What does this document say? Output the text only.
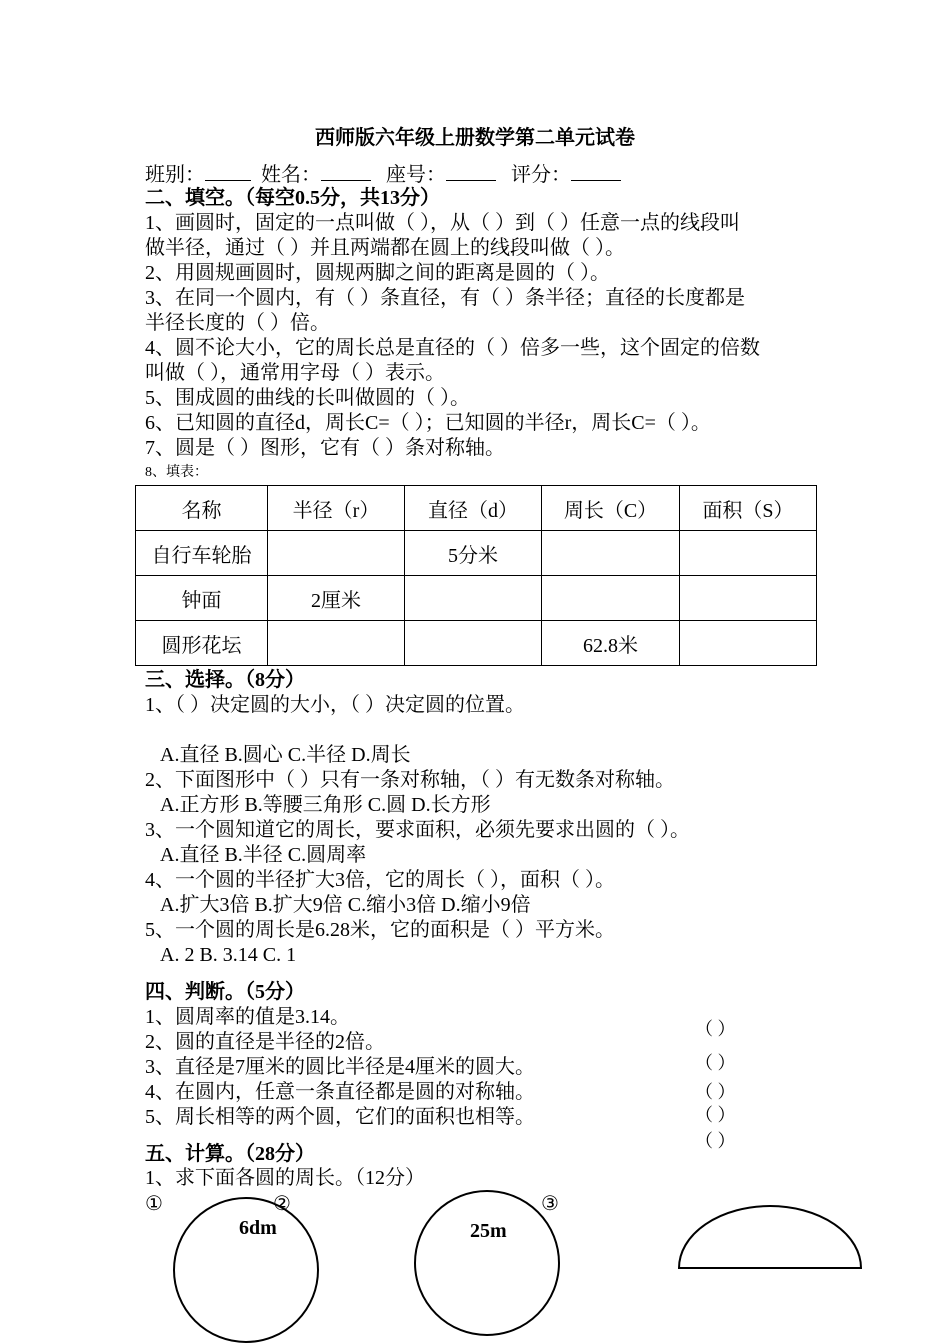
西师版六年级上册数学第二单元试卷
班别：	姓名：	座号：	评分：
二、填空。（每空0.5分，共13分）
1、画圆时，固定的一点叫做（ ），从（ ）到（ ）任意一点的线段叫
做半径，通过（ ）并且两端都在圆上的线段叫做（ ）。
2、用圆规画圆时，圆规两脚之间的距离是圆的（ ）。
3、在同一个圆内，有（ ）条直径，有（ ）条半径；直径的长度都是
半径长度的（ ）倍。
4、圆不论大小，它的周长总是直径的（ ）倍多一些，这个固定的倍数
叫做（ ），通常用字母（ ）表示。
5、围成圆的曲线的长叫做圆的（ ）。
6、已知圆的直径d，周长C=（ ）；已知圆的半径r，周长C=（ ）。
7、圆是（ ）图形，它有（ ）条对称轴。
8、填表：
名称	半径（r）	直径（d）	周长（C）	面积（S）
自行车轮胎		5分米		
钟面	2厘米			
圆形花坛			62.8米	
三、选择。（8分）
1、（ ）决定圆的大小，（ ）决定圆的位置。
A.直径 B.圆心 C.半径 D.周长
2、下面图形中（ ）只有一条对称轴，（ ）有无数条对称轴。
A.正方形 B.等腰三角形 C.圆 D.长方形
3、一个圆知道它的周长，要求面积，必须先要求出圆的（ ）。
A.直径 B.半径 C.圆周率
4、一个圆的半径扩大3倍，它的周长（ ），面积（ ）。
A.扩大3倍 B.扩大9倍 C.缩小3倍 D.缩小9倍
5、一个圆的周长是6.28米，它的面积是（ ）平方米。
A. 2 B. 3.14 C. 1
四、判断。（5分）
1、圆周率的值是3.14。
2、圆的直径是半径的2倍。
3、直径是7厘米的圆比半径是4厘米的圆大。
4、在圆内，任意一条直径都是圆的对称轴。
5、周长相等的两个圆，它们的面积也相等。
（ ）
（ ）
（ ）
（ ）
（ ）
五、计算。（28分）
1、求下面各圆的周长。（12分）
①	②	③
6dm	25m
